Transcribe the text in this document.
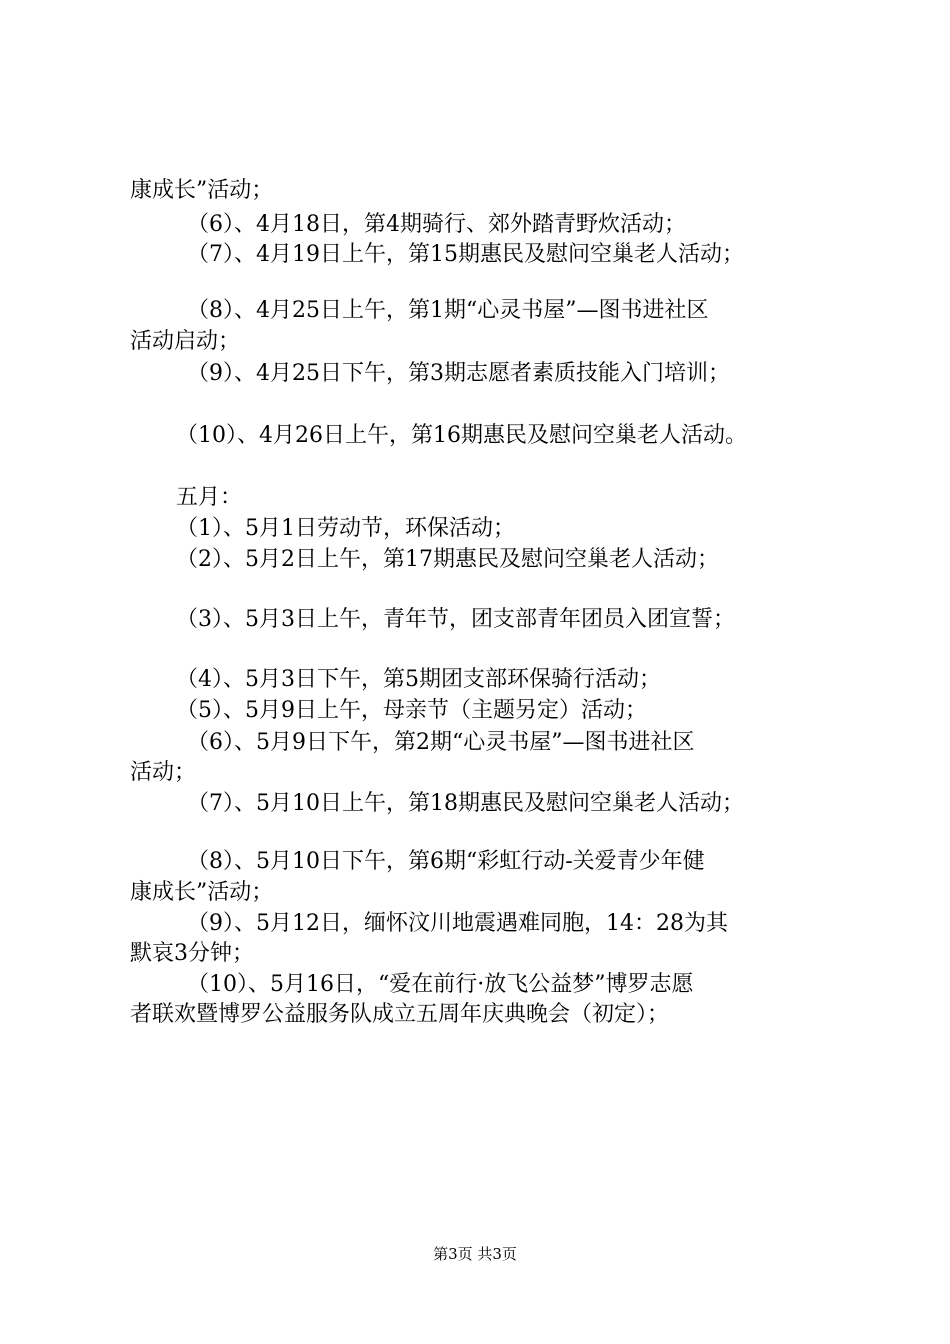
康成长”活动；
（6）、4月18日，第4期骑行、郊外踏青野炊活动；
（7）、4月19日上午，第15期惠民及慰问空巢老人活动；
（8）、4月25日上午，第1期“心灵书屋”—图书进社区
活动启动；
（9）、4月25日下午，第3期志愿者素质技能入门培训；
（10）、4月26日上午，第16期惠民及慰问空巢老人活动。
五月：
（1）、5月1日劳动节，环保活动；
（2）、5月2日上午，第17期惠民及慰问空巢老人活动；
（3）、5月3日上午，青年节，团支部青年团员入团宣誓；
（4）、5月3日下午，第5期团支部环保骑行活动；
（5）、5月9日上午，母亲节（主题另定）活动；
（6）、5月9日下午，第2期“心灵书屋”—图书进社区
活动；
（7）、5月10日上午，第18期惠民及慰问空巢老人活动；
（8）、5月10日下午，第6期“彩虹行动-关爱青少年健
康成长”活动；
（9）、5月12日，缅怀汶川地震遇难同胞，14：28为其
默哀3分钟；
（10）、5月16日，“爱在前行·放飞公益梦”博罗志愿
者联欢暨博罗公益服务队成立五周年庆典晚会（初定）；
第3页 共3页
